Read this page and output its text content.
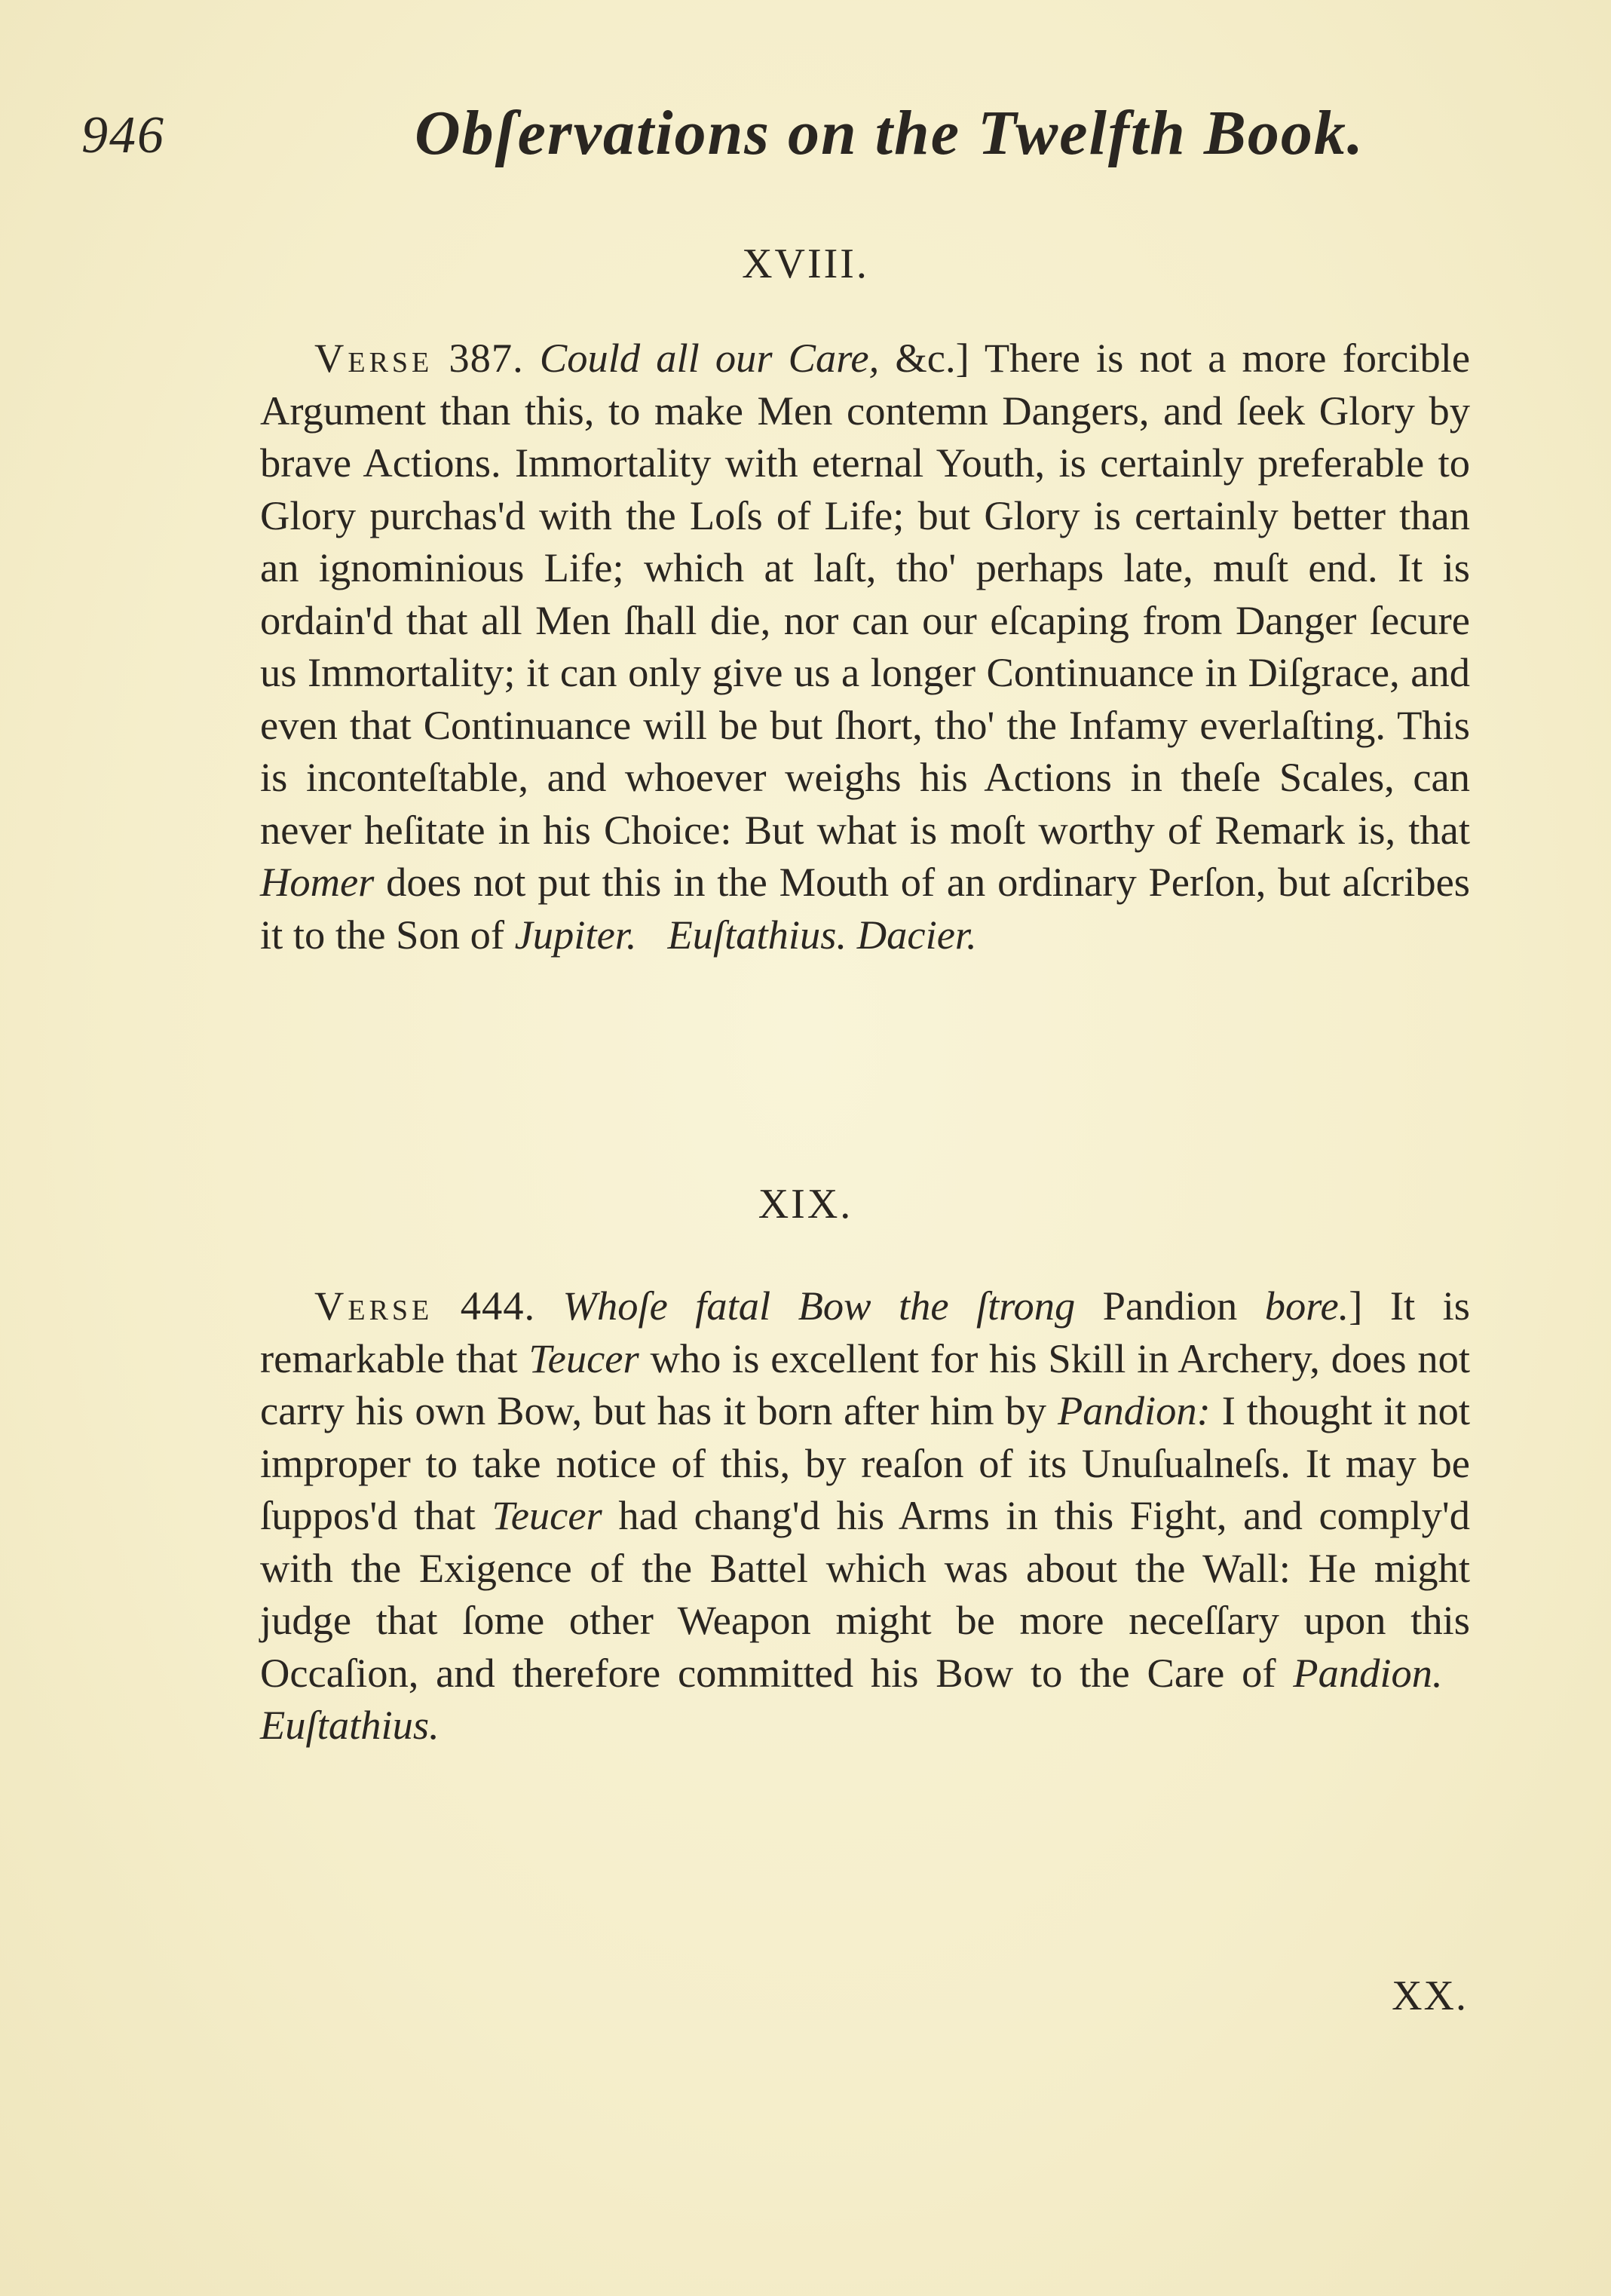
946	Obſervations on the Twelfth Book.
XVIII.

Verse 387. Could all our Care, &c.] There is not a more forcible Argument than this, to make Men contemn Dangers, and ſeek Glory by brave Actions. Immortality with eternal Youth, is certainly preferable to Glory purchas'd with the Loſs of Life; but Glory is certainly better than an ignominious Life; which at laſt, tho' perhaps late, muſt end. It is ordain'd that all Men ſhall die, nor can our eſcaping from Danger ſecure us Immortality; it can only give us a longer Continuance in Diſgrace, and even that Continuance will be but ſhort, tho' the Infamy everlaſting. This is inconteſtable, and whoever weighs his Actions in theſe Scales, can never heſitate in his Choice: But what is moſt worthy of Remark is, that Homer does not put this in the Mouth of an ordinary Perſon, but aſcribes it to the Son of Jupiter. Euſtathius. Dacier.

XIX.

Verse 444. Whoſe fatal Bow the ſtrong Pandion bore.] It is remarkable that Teucer who is excellent for his Skill in Archery, does not carry his own Bow, but has it born after him by Pandion: I thought it not improper to take notice of this, by reaſon of its Unuſualneſs. It may be ſuppos'd that Teucer had chang'd his Arms in this Fight, and comply'd with the Exigence of the Battel which was about the Wall: He might judge that ſome other Weapon might be more neceſſary upon this Occaſion, and therefore committed his Bow to the Care of Pandion.   Euſtathius.

XX.
